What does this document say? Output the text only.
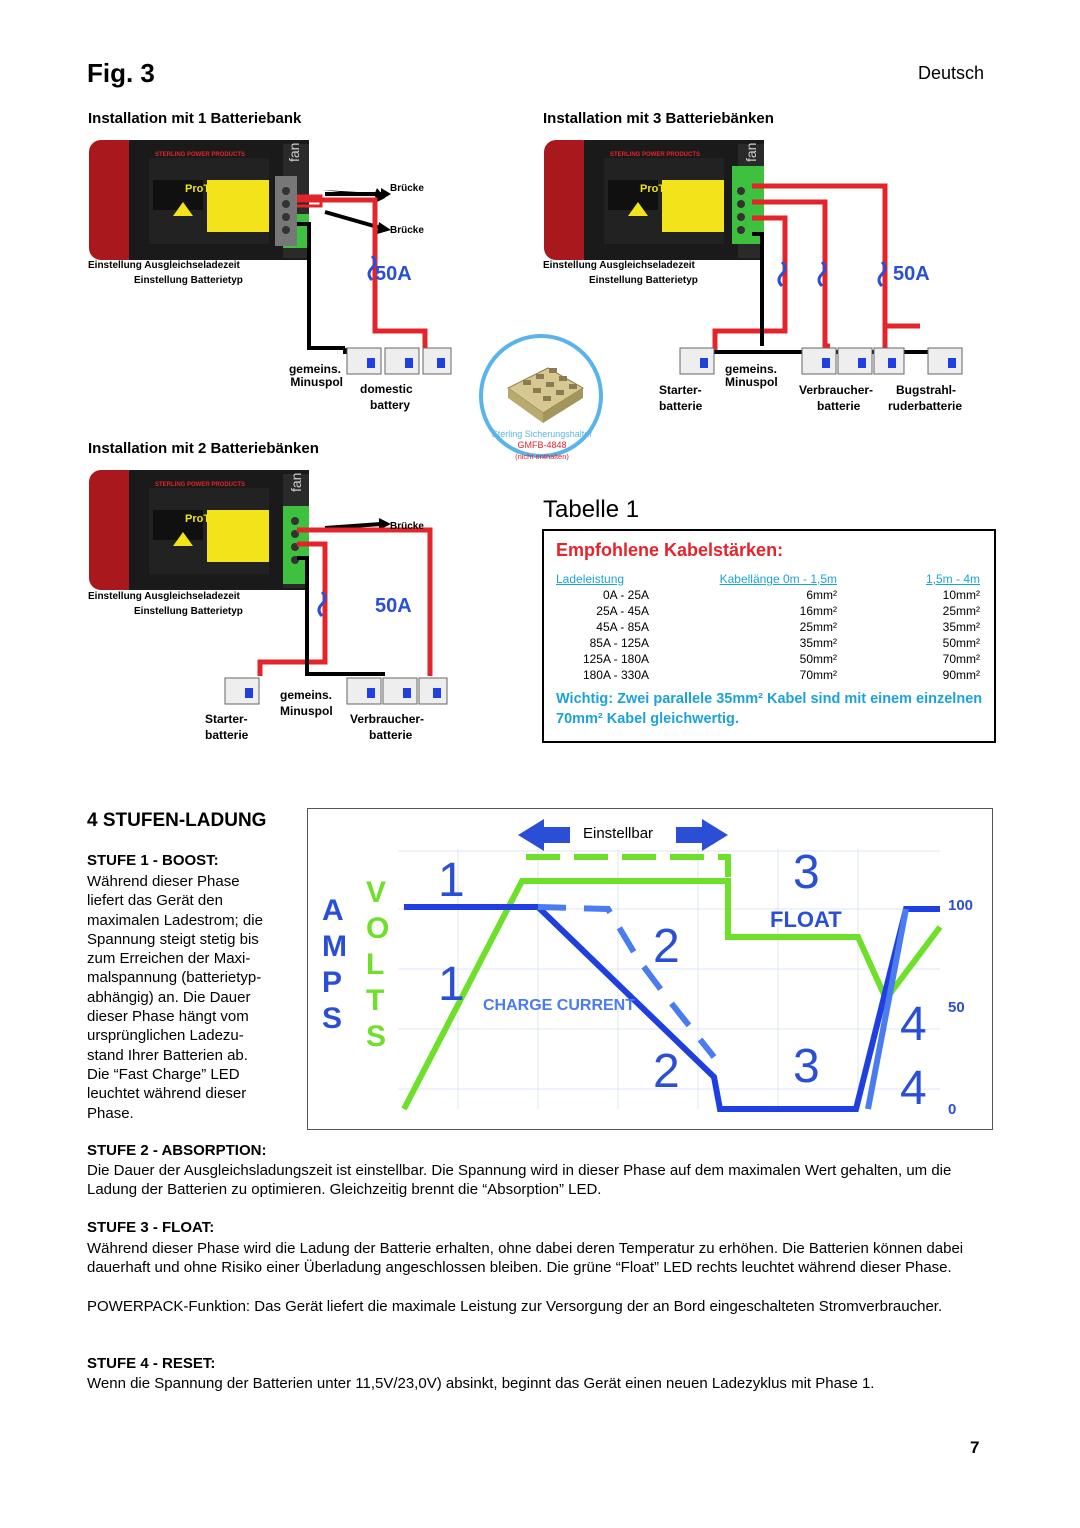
Fig. 3	Deutsch
Installation mit 1 Batteriebank
STERLING POWER PRODUCTS
ProTech20
fan
Brücke
Brücke
Einstellung Ausgleichseladezeit
Einstellung Batterietyp	50A
gemeins.
Minuspol domestic
battery
Installation mit 3 Batteriebänken
STERLING POWER PRODUCTS
ProTech20
fan
Einstellung Ausgleichseladezeit
Einstellung Batterietyp	50A
gemeins.
Minuspol
Starter-
batterie
Verbraucher-
batterie
Bugstrahl-
ruderbatterie
Sterling Sicherungshalter
GMFB-4848
(nicht enthalten)
Installation mit 2 Batteriebänken
STERLING POWER PRODUCTS
ProTech20
fan
Brücke
Einstellung Ausgleichseladezeit
Einstellung Batterietyp	50A
gemeins.
Minuspol
Starter-
batterie
Verbraucher-
batterie
Tabelle 1
Empfohlene Kabelstärken:
Ladeleistung	Kabellänge 0m - 1,5m	1,5m - 4m
0A - 25A	6mm²	10mm²
25A - 45A	16mm²	25mm²
45A - 85A	25mm²	35mm²
85A - 125A	35mm²	50mm²
125A - 180A	50mm²	70mm²
180A - 330A	70mm²	90mm²
Wichtig: Zwei parallele 35mm² Kabel sind mit einem einzelnen 70mm² Kabel gleichwertig.
4 STUFEN-LADUNG
STUFE 1 - BOOST:
Während dieser Phase
liefert das Gerät den
maximalen Ladestrom; die
Spannung steigt stetig bis
zum Erreichen der Maxi-
malspannung (batterietyp-
abhängig) an. Die Dauer
dieser Phase hängt vom
ursprünglichen Ladezu-
stand Ihrer Batterien ab.
Die “Fast Charge” LED
leuchtet während dieser
Phase.
Einstellbar
A
M
P
S
V
O
L
T
S
FLOAT
CHARGE CURRENT
1
1
2
2
3
3
4
4
100
50
0
STUFE 2 - ABSORPTION:
Die Dauer der Ausgleichsladungszeit ist einstellbar. Die Spannung wird in dieser Phase auf dem maximalen Wert gehalten, um die Ladung der Batterien zu optimieren. Gleichzeitig brennt die “Absorption” LED.
STUFE 3 - FLOAT:
Während dieser Phase wird die Ladung der Batterie erhalten, ohne dabei deren Temperatur zu erhöhen. Die Batterien können dabei dauerhaft und ohne Risiko einer Überladung angeschlossen bleiben. Die grüne “Float” LED rechts leuchtet während dieser Phase.
POWERPACK-Funktion: Das Gerät liefert die maximale Leistung zur Versorgung der an Bord eingeschalteten Stromverbraucher.
STUFE 4 - RESET:
Wenn die Spannung der Batterien unter 11,5V/23,0V) absinkt, beginnt das Gerät einen neuen Ladezyklus mit Phase 1.
7
